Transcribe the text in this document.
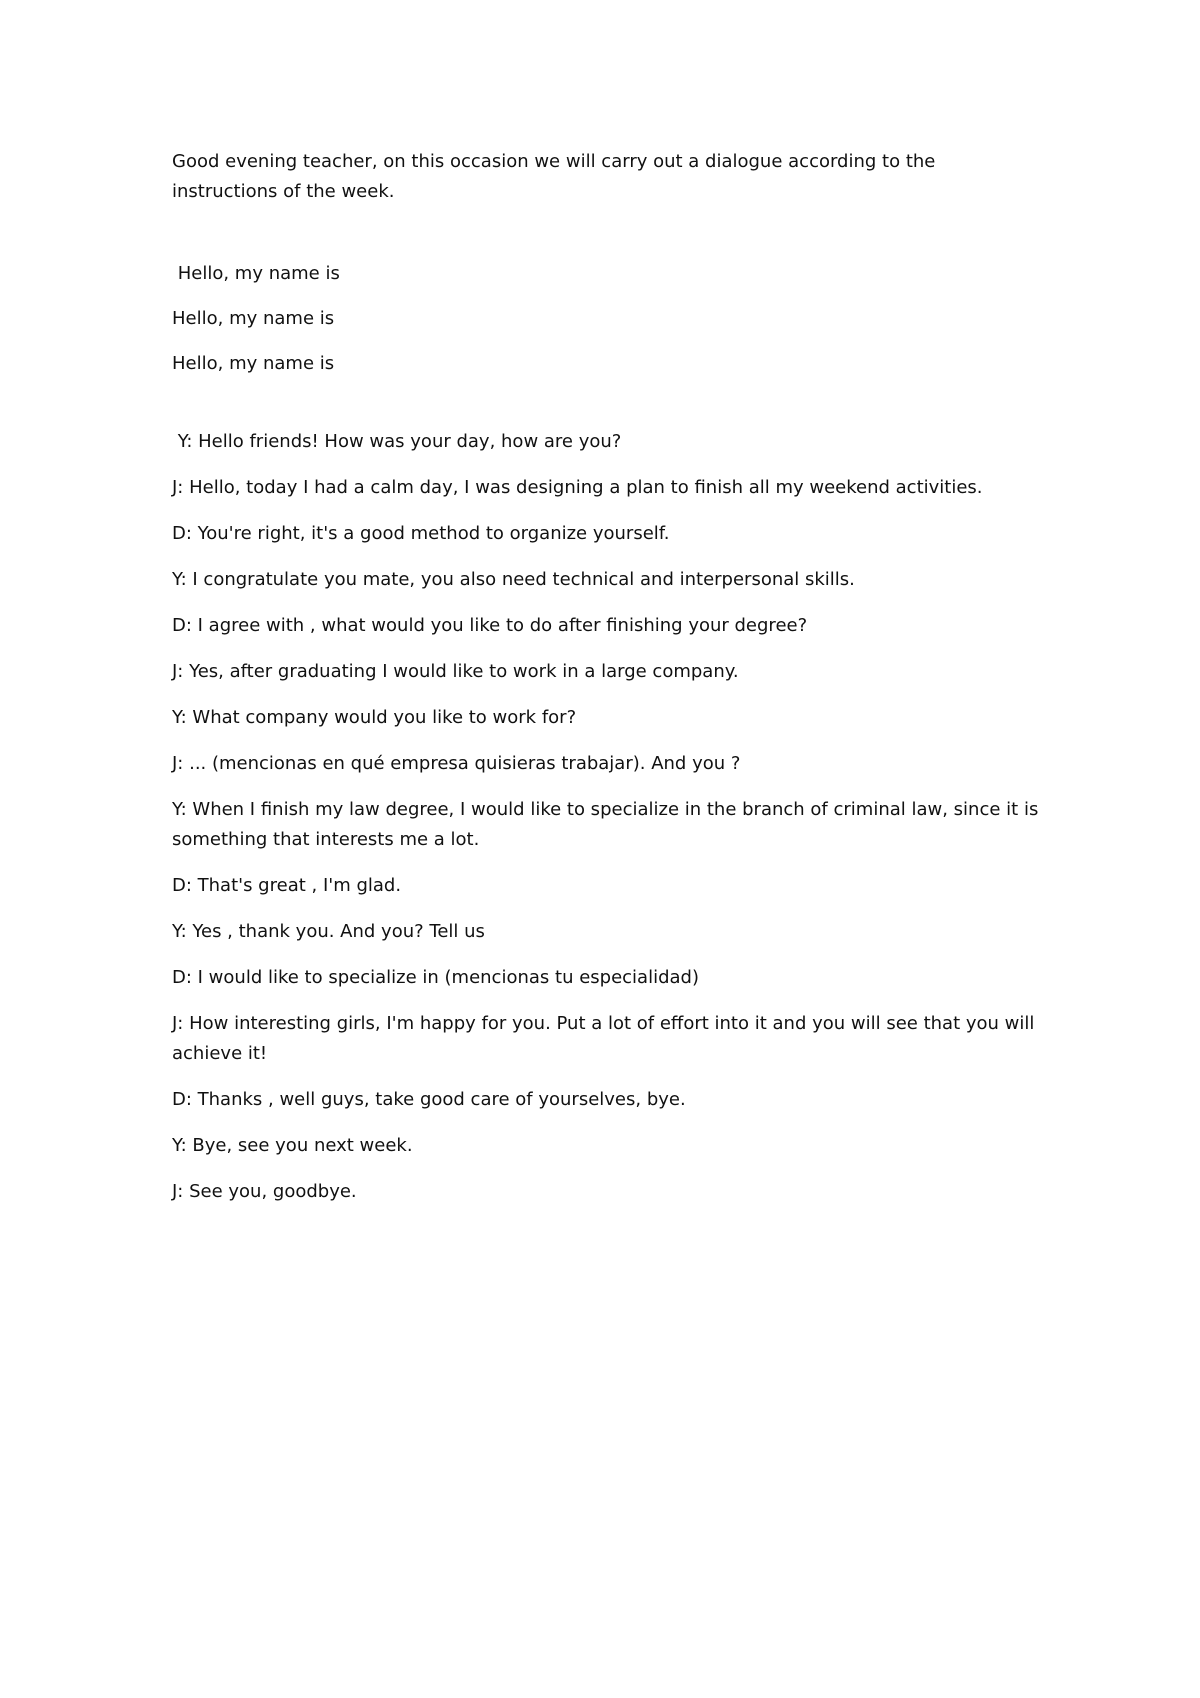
Good evening teacher, on this occasion we will carry out a dialogue according to the instructions of the week.

Hello, my name is
Hello, my name is
Hello, my name is
Y: Hello friends! How was your day, how are you?
J: Hello, today I had a calm day, I was designing a plan to finish all my weekend activities.
D: You're right, it's a good method to organize yourself.
Y: I congratulate you mate, you also need technical and interpersonal skills.
D: I agree with , what would you like to do after finishing your degree?
J: Yes, after graduating I would like to work in a large company.
Y: What company would you like to work for?
J: ... (mencionas en qué empresa quisieras trabajar). And you ?
Y: When I finish my law degree, I would like to specialize in the branch of criminal law, since it is something that interests me a lot.
D: That's great , I'm glad.
Y: Yes , thank you. And you? Tell us
D: I would like to specialize in (mencionas tu especialidad)
J: How interesting girls, I'm happy for you. Put a lot of effort into it and you will see that you will achieve it!
D: Thanks , well guys, take good care of yourselves, bye.
Y: Bye, see you next week.
J: See you, goodbye.
